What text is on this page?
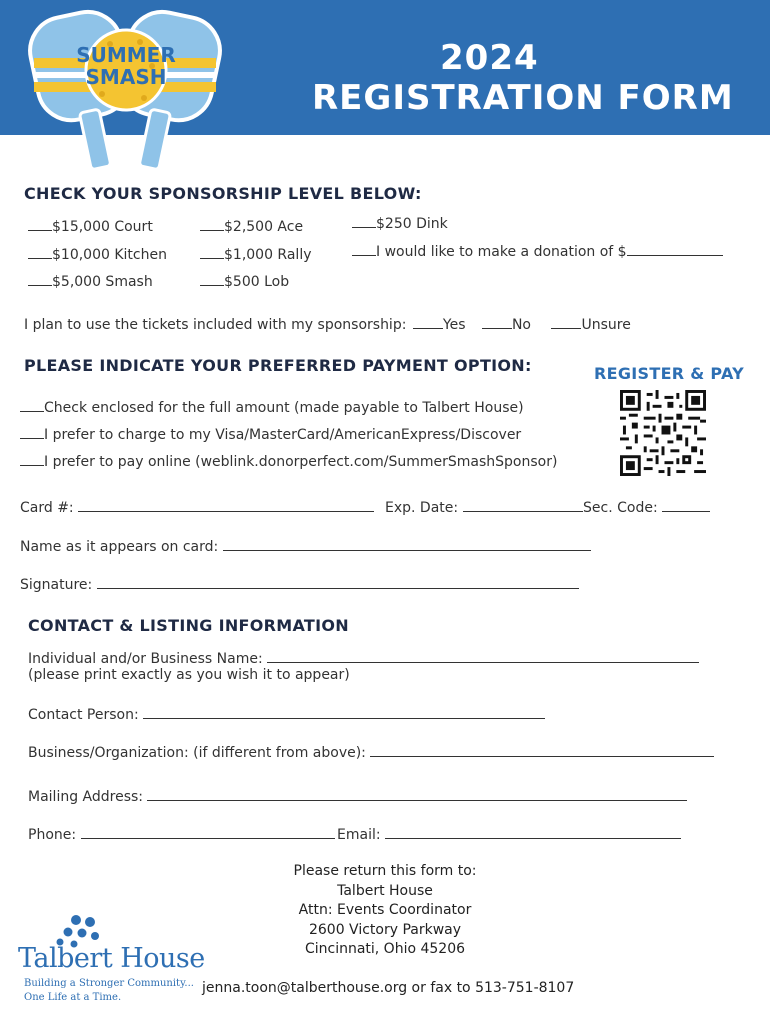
SUMMER
SMASH	2024
REGISTRATION FORM
CHECK YOUR SPONSORSHIP LEVEL BELOW:
$15,000 Court	$2,500 Ace	$250 Dink
$10,000 Kitchen	$1,000 Rally	I would like to make a donation of $
$5,000 Smash	$500 Lob
I plan to use the tickets included with my sponsorship:	Yes	No	Unsure
PLEASE INDICATE YOUR PREFERRED PAYMENT OPTION:	REGISTER & PAY
Check enclosed for the full amount (made payable to Talbert House)
I prefer to charge to my Visa/MasterCard/AmericanExpress/Discover
I prefer to pay online (weblink.donorperfect.com/SummerSmashSponsor)
Card #:	Exp. Date:	Sec. Code:
Name as it appears on card:
Signature:
CONTACT & LISTING INFORMATION
Individual and/or Business Name:
(please print exactly as you wish it to appear)
Contact Person:
Business/Organization: (if different from above):
Mailing Address:
Phone:	Email:
Please return this form to:
Talbert House
Attn: Events Coordinator
2600 Victory Parkway
Cincinnati, Ohio 45206
jenna.toon@talberthouse.org or fax to 513-751-8107
Talbert House
Building a Stronger Community...
One Life at a Time.
